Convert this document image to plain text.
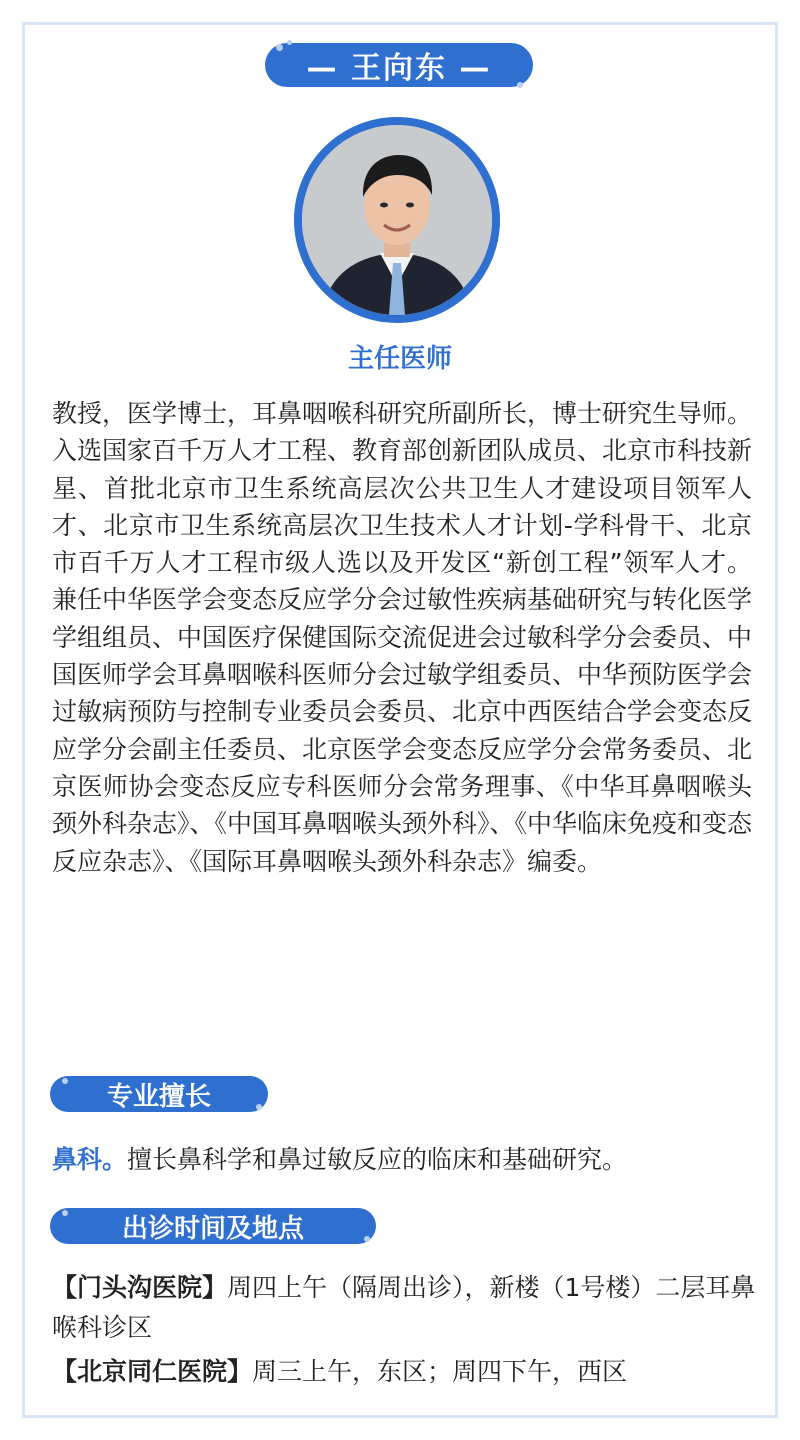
— 王向东 —
主任医师
教授，医学博士，耳鼻咽喉科研究所副所长，博士研究生导师。入选国家百千万人才工程、教育部创新团队成员、北京市科技新星、首批北京市卫生系统高层次公共卫生人才建设项目领军人才、北京市卫生系统高层次卫生技术人才计划-学科骨干、北京市百千万人才工程市级人选以及开发区“新创工程”领军人才。兼任中华医学会变态反应学分会过敏性疾病基础研究与转化医学学组组员、中国医疗保健国际交流促进会过敏科学分会委员、中国医师学会耳鼻咽喉科医师分会过敏学组委员、中华预防医学会过敏病预防与控制专业委员会委员、北京中西医结合学会变态反应学分会副主任委员、北京医学会变态反应学分会常务委员、北京医师协会变态反应专科医师分会常务理事、《中华耳鼻咽喉头颈外科杂志》、《中国耳鼻咽喉头颈外科》、《中华临床免疫和变态反应杂志》、《国际耳鼻咽喉头颈外科杂志》编委。
专业擅长
鼻科。擅长鼻科学和鼻过敏反应的临床和基础研究。
出诊时间及地点
【门头沟医院】周四上午（隔周出诊），新楼（1号楼）二层耳鼻喉科诊区
【北京同仁医院】周三上午，东区；周四下午，西区
